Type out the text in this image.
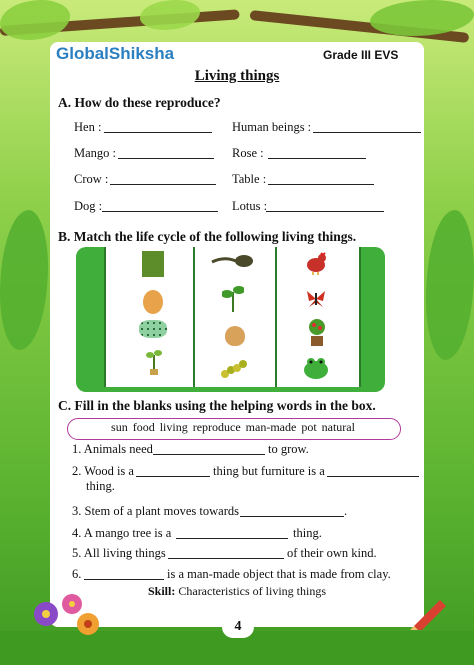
GlobalShiksha	Grade III EVS
Living things
A. How do these reproduce?
Hen :	Human beings :
Mango :	Rose :
Crow :	Table :
Dog :	Lotus :
B. Match the life cycle of the following living things.
C. Fill in the blanks using the helping words in the box.
sun food living reproduce man-made pot natural
1. Animals need	to grow.
2. Wood is a	thing but furniture is a
thing.
3. Stem of a plant moves towards	.
4. A mango tree is a	thing.
5. All living things	of their own kind.
6.	is a man-made object that is made from clay.
Skill: Characteristics of living things
4
